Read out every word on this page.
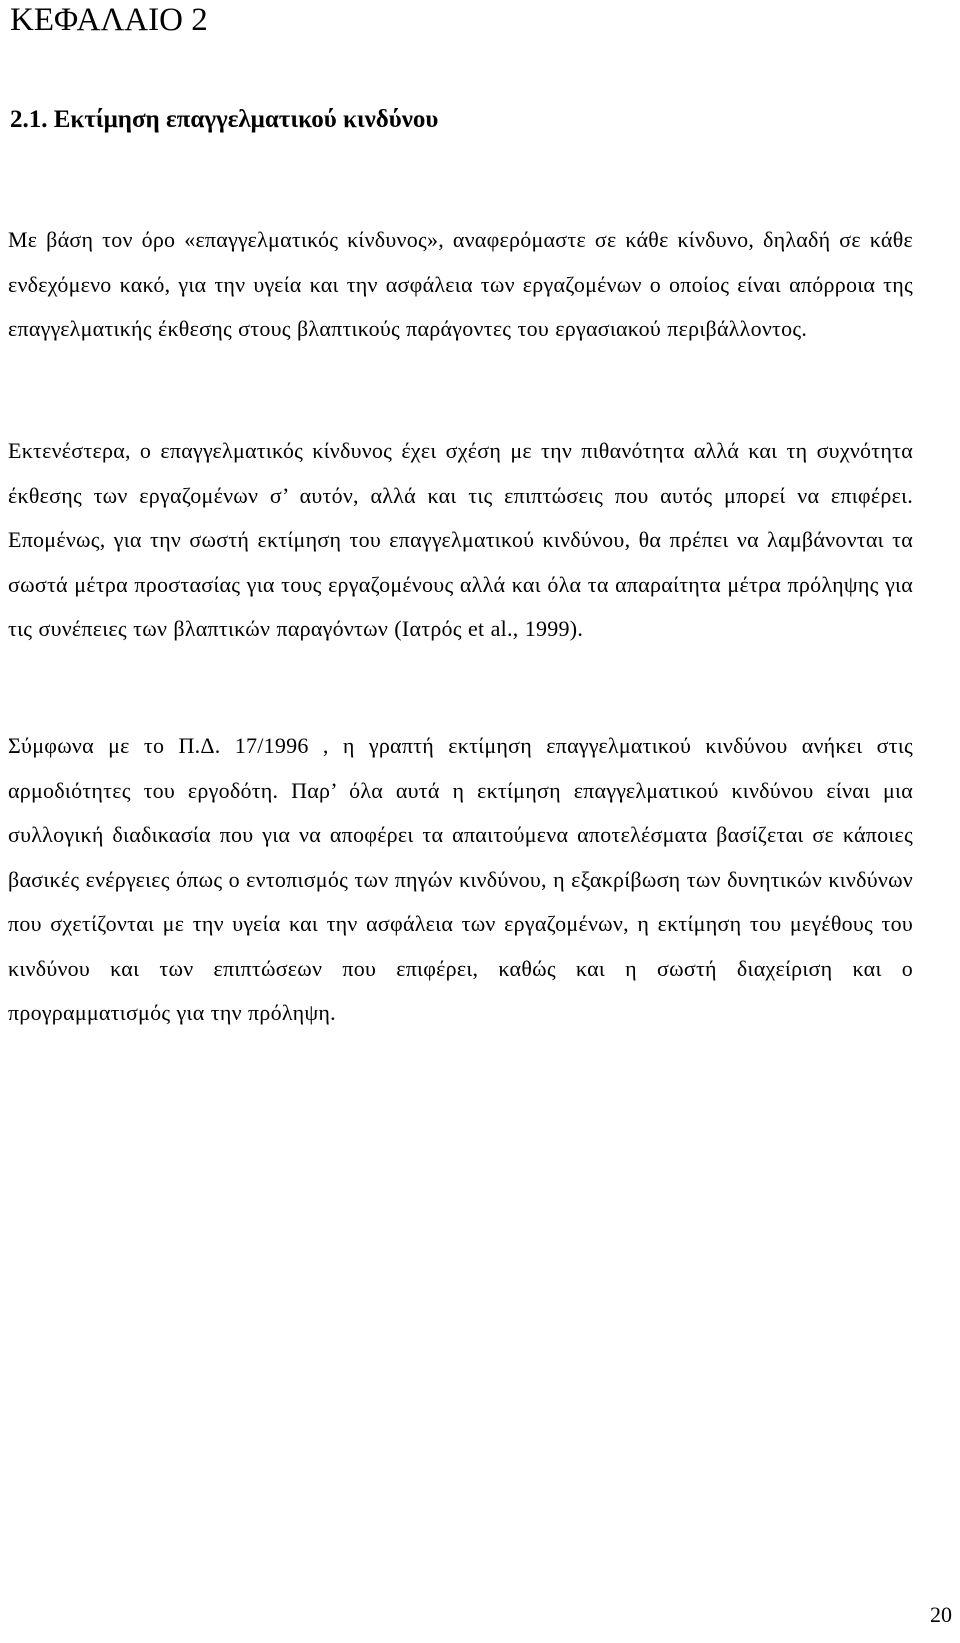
ΚΕΦΑΛΑΙΟ 2
2.1. Εκτίμηση επαγγελματικού κινδύνου

Με βάση τον όρο «επαγγελματικός κίνδυνος», αναφερόμαστε σε κάθε κίνδυνο, δηλαδή σε κάθε ενδεχόμενο κακό, για την υγεία και την ασφάλεια των εργαζομένων ο οποίος είναι απόρροια της επαγγελματικής έκθεσης στους βλαπτικούς παράγοντες του εργασιακού περιβάλλοντος.

Εκτενέστερα, ο επαγγελματικός κίνδυνος έχει σχέση με την πιθανότητα αλλά και τη συχνότητα έκθεσης των εργαζομένων σ’ αυτόν, αλλά και τις επιπτώσεις που αυτός μπορεί να επιφέρει. Επομένως, για την σωστή εκτίμηση του επαγγελματικού κινδύνου, θα πρέπει να λαμβάνονται τα σωστά μέτρα προστασίας για τους εργαζομένους αλλά και όλα τα απαραίτητα μέτρα πρόληψης για τις συνέπειες των βλαπτικών παραγόντων (Ιατρός et al., 1999).

Σύμφωνα με το Π.Δ. 17/1996 , η γραπτή εκτίμηση επαγγελματικού κινδύνου ανήκει στις αρμοδιότητες του εργοδότη. Παρ’ όλα αυτά η εκτίμηση επαγγελματικού κινδύνου είναι μια συλλογική διαδικασία που για να αποφέρει τα απαιτούμενα αποτελέσματα βασίζεται σε κάποιες βασικές ενέργειες όπως ο εντοπισμός των πηγών κινδύνου, η εξακρίβωση των δυνητικών κινδύνων που σχετίζονται με την υγεία και την ασφάλεια των εργαζομένων, η εκτίμηση του μεγέθους του κινδύνου και των επιπτώσεων που επιφέρει, καθώς και η σωστή διαχείριση και ο προγραμματισμός για την πρόληψη.

20
